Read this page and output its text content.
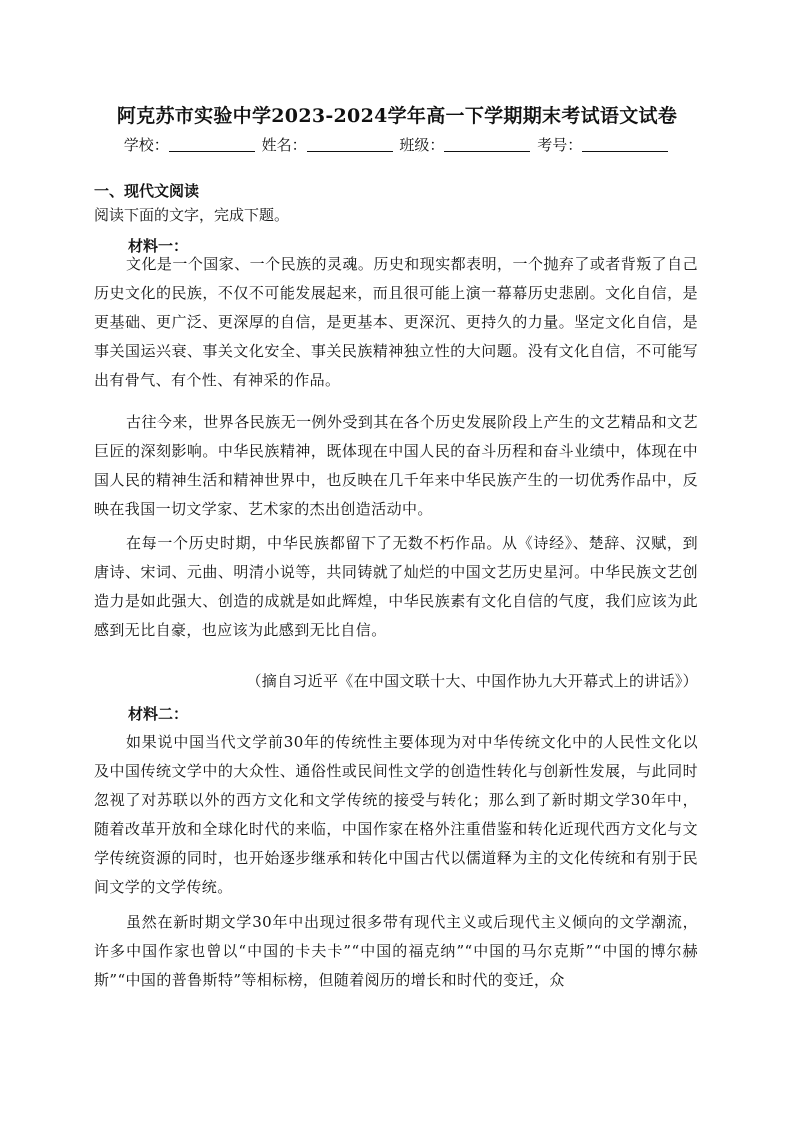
阿克苏市实验中学2023-2024学年高一下学期期末考试语文试卷
学校：	姓名：	班级：	考号：
一、现代文阅读
阅读下面的文字，完成下题。
材料一：

文化是一个国家、一个民族的灵魂。历史和现实都表明，一个抛弃了或者背叛了自己历史文化的民族，不仅不可能发展起来，而且很可能上演一幕幕历史悲剧。文化自信，是更基础、更广泛、更深厚的自信，是更基本、更深沉、更持久的力量。坚定文化自信，是事关国运兴衰、事关文化安全、事关民族精神独立性的大问题。没有文化自信，不可能写出有骨气、有个性、有神采的作品。

古往今来，世界各民族无一例外受到其在各个历史发展阶段上产生的文艺精品和文艺巨匠的深刻影响。中华民族精神，既体现在中国人民的奋斗历程和奋斗业绩中，体现在中国人民的精神生活和精神世界中，也反映在几千年来中华民族产生的一切优秀作品中，反映在我国一切文学家、艺术家的杰出创造活动中。

在每一个历史时期，中华民族都留下了无数不朽作品。从《诗经》、楚辞、汉赋，到唐诗、宋词、元曲、明清小说等，共同铸就了灿烂的中国文艺历史星河。中华民族文艺创造力是如此强大、创造的成就是如此辉煌，中华民族素有文化自信的气度，我们应该为此感到无比自豪，也应该为此感到无比自信。

（摘自习近平《在中国文联十大、中国作协九大开幕式上的讲话》）
材料二：

如果说中国当代文学前30年的传统性主要体现为对中华传统文化中的人民性文化以及中国传统文学中的大众性、通俗性或民间性文学的创造性转化与创新性发展，与此同时忽视了对苏联以外的西方文化和文学传统的接受与转化；那么到了新时期文学30年中，随着改革开放和全球化时代的来临，中国作家在格外注重借鉴和转化近现代西方文化与文学传统资源的同时，也开始逐步继承和转化中国古代以儒道释为主的文化传统和有别于民间文学的文学传统。

虽然在新时期文学30年中出现过很多带有现代主义或后现代主义倾向的文学潮流，许多中国作家也曾以“中国的卡夫卡”“中国的福克纳”“中国的马尔克斯”“中国的博尔赫斯”“中国的普鲁斯特”等相标榜，但随着阅历的增长和时代的变迁，众
